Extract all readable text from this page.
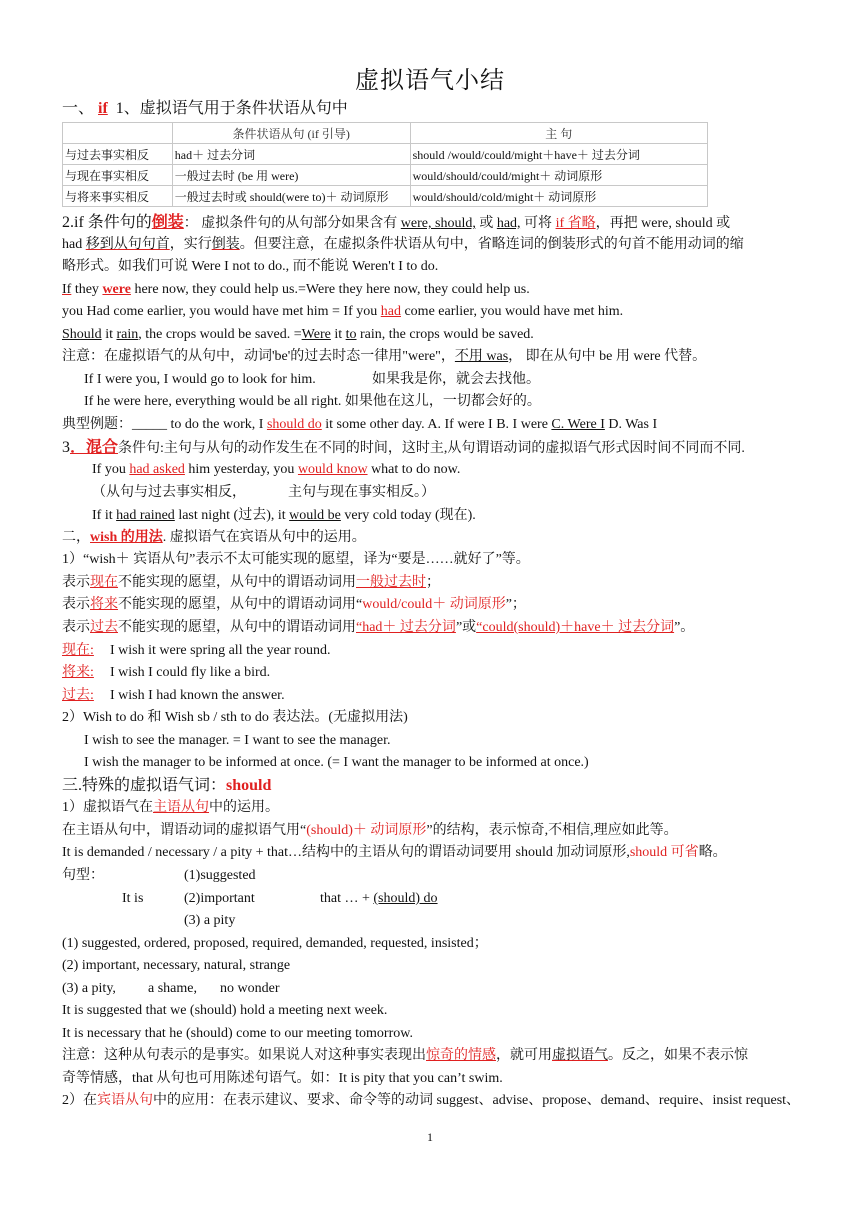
虚拟语气小结
一、 if 1、虚拟语气用于条件状语从句中
	条件状语从句 (if 引导)	主 句
与过去事实相反	had＋ 过去分词	should /would/could/might＋have＋ 过去分词
与现在事实相反	一般过去时 (be 用 were)	would/should/could/might＋ 动词原形
与将来事实相反	一般过去时或 should(were to)＋ 动词原形	would/should/cold/might＋ 动词原形
2.if 条件句的倒装： 虚拟条件句的从句部分如果含有 were, should, 或 had, 可将 if 省略，再把 were, should 或
had 移到从句句首，实行倒装。但要注意，在虚拟条件状语从句中，省略连词的倒装形式的句首不能用动词的缩
略形式。如我们可说 Were I not to do., 而不能说 Weren't I to do.
If they were here now, they could help us.=Were they here now, they could help us.
you Had come earlier, you would have met him = If you had come earlier, you would have met him.
Should it rain, the crops would be saved. =Were it to rain, the crops would be saved.
注意：在虚拟语气的从句中，动词'be'的过去时态一律用"were"，不用 was， 即在从句中 be 用 were 代替。
If I were you, I would go to look for him.	如果我是你，就会去找他。
If he were here, everything would be all right. 如果他在这儿，一切都会好的。
典型例题：_____ to do the work, I should do it some other day. A. If were I B. I were C. Were I D. Was I
3．混合条件句:主句与从句的动作发生在不同的时间，这时主,从句谓语动词的虚拟语气形式因时间不同而不同.
If you had asked him yesterday, you would know what to do now.
（从句与过去事实相反，	主句与现在事实相反。）
If it had rained last night (过去), it would be very cold today (现在).
二，wish 的用法. 虚拟语气在宾语从句中的运用。
1）“wish＋ 宾语从句”表示不太可能实现的愿望，译为“要是……就好了”等。
表示现在不能实现的愿望，从句中的谓语动词用一般过去时；
表示将来不能实现的愿望，从句中的谓语动词用“would/could＋ 动词原形”；
表示过去不能实现的愿望，从句中的谓语动词用“had＋ 过去分词”或“could(should)＋have＋ 过去分词”。
现在: I wish it were spring all the year round.
将来: I wish I could fly like a bird.
过去: I wish I had known the answer.
2）Wish to do 和 Wish sb / sth to do 表达法。(无虚拟用法)
I wish to see the manager. = I want to see the manager.
I wish the manager to be informed at once. (= I want the manager to be informed at once.)
三.特殊的虚拟语气词：should
1）虚拟语气在主语从句中的运用。
在主语从句中，谓语动词的虚拟语气用“(should)＋ 动词原形”的结构，表示惊奇,不相信,理应如此等。
It is demanded / necessary / a pity + that…结构中的主语从句的谓语动词要用 should 加动词原形,should 可省略。
句型：	(1)suggested
It is	(2)important	that … + (should) do
(3) a pity
(1) suggested, ordered, proposed, required, demanded, requested, insisted；
(2) important, necessary, natural, strange
(3) a pity, a shame, no wonder
It is suggested that we (should) hold a meeting next week.
It is necessary that he (should) come to our meeting tomorrow.
注意：这种从句表示的是事实。如果说人对这种事实表现出惊奇的情感，就可用虚拟语气。反之，如果不表示惊
奇等情感，that 从句也可用陈述句语气。如：It is pity that you can’t swim.
2）在宾语从句中的应用：在表示建议、要求、命令等的动词 suggest、advise、propose、demand、require、insist request、
1
